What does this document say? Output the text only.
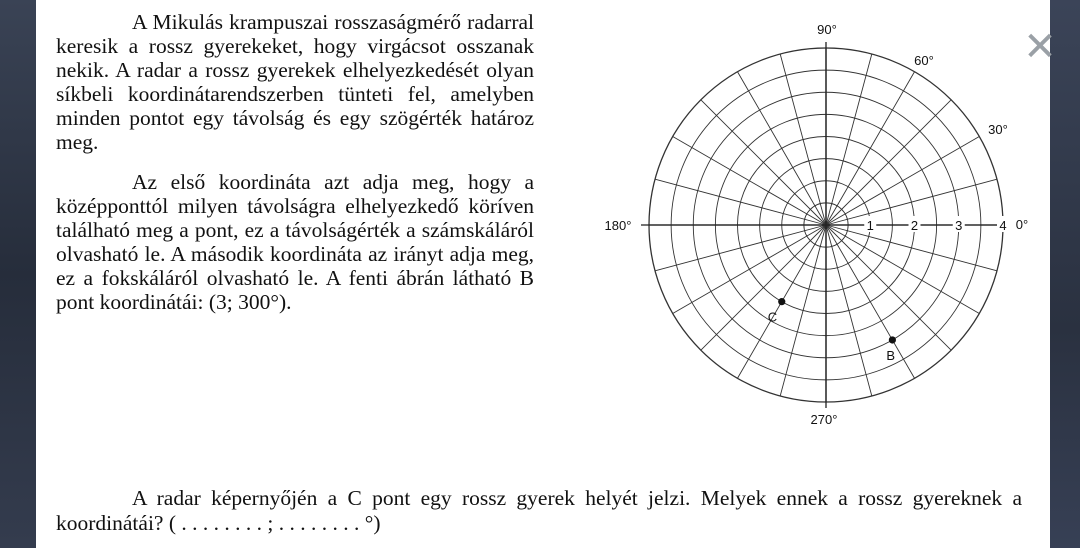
A Mikulás krampuszai rosszaságmérő radarral keresik a rossz gyerekeket, hogy virgácsot osszanak nekik. A radar a rossz gyerekek elhelyezkedését olyan síkbeli koordinátarendszerben tünteti fel, amelyben minden pontot egy távolság és egy szögérték határoz meg.

Az első koordináta azt adja meg, hogy a középponttól milyen távolságra elhelyezkedő köríven található meg a pont, ez a távolságérték a számskáláról olvasható le. A második koordináta az irányt adja meg, ez a fokskáláról olvasható le. A fenti ábrán látható B pont koordinátái: (3; 300°).

1	2	3	4
90°
60°
30°
0°
180°
270°
C
B
✕

A radar képernyőjén a C pont egy rossz gyerek helyét jelzi. Melyek ennek a rossz gyereknek a koordinátái? ( . . . . . . . . ; . . . . . . . . °)
